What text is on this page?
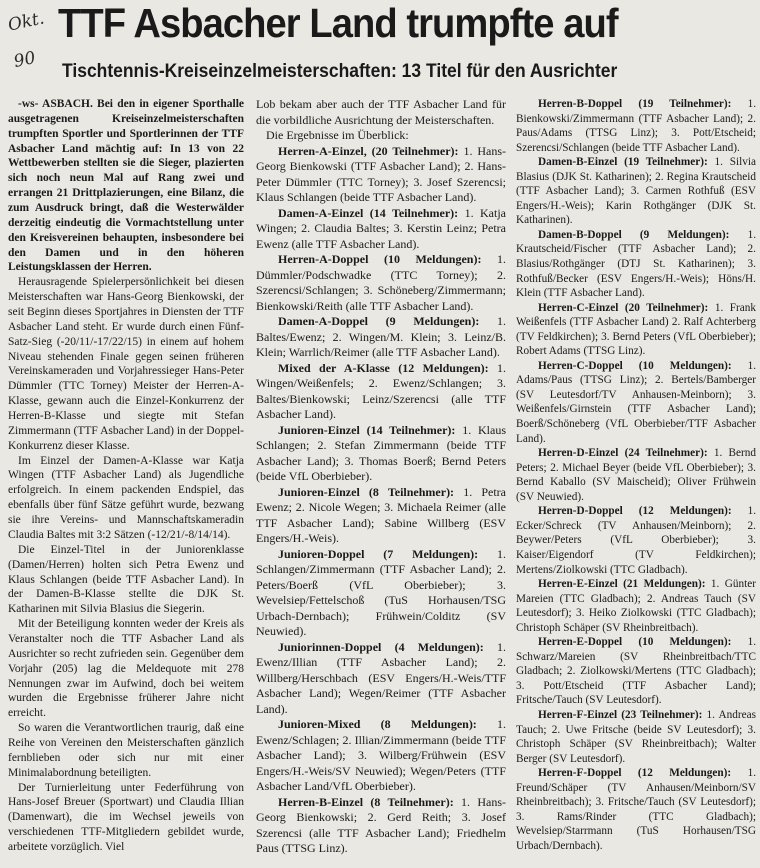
Okt.
90
TTF Asbacher Land trumpfte auf
Tischtennis-Kreiseinzelmeisterschaften: 13 Titel für den Ausrichter

-ws- ASBACH. Bei den in eigener Sporthalle ausgetragenen Kreiseinzelmeisterschaften trumpften Sportler und Sportlerinnen der TTF Asbacher Land mächtig auf: In 13 von 22 Wettbewerben stellten sie die Sieger, plazierten sich noch neun Mal auf Rang zwei und errangen 21 Drittplazierungen, eine Bilanz, die zum Ausdruck bringt, daß die Westerwälder derzeitig eindeutig die Vormachtstellung unter den Kreisvereinen behaupten, insbesondere bei den Damen und in den höheren Leistungsklassen der Herren.

Herausragende Spielerpersönlichkeit bei diesen Meisterschaften war Hans-Georg Bienkowski, der seit Beginn dieses Sportjahres in Diensten der TTF Asbacher Land steht. Er wurde durch einen Fünf-Satz-Sieg (-20/11/-17/22/15) in einem auf hohem Niveau stehenden Finale gegen seinen früheren Vereinskameraden und Vorjahressieger Hans-Peter Dümmler (TTC Torney) Meister der Herren-A-Klasse, gewann auch die Einzel-Konkurrenz der Herren-B-Klasse und siegte mit Stefan Zimmermann (TTF Asbacher Land) in der Doppel-Konkurrenz dieser Klasse.

Im Einzel der Damen-A-Klasse war Katja Wingen (TTF Asbacher Land) als Jugendliche erfolgreich. In einem packenden Endspiel, das ebenfalls über fünf Sätze geführt wurde, bezwang sie ihre Vereins- und Mannschaftskameradin Claudia Baltes mit 3:2 Sätzen (-12/21/-8/14/14).

Die Einzel-Titel in der Juniorenklasse (Damen/Herren) holten sich Petra Ewenz und Klaus Schlangen (beide TTF Asbacher Land). In der Damen-B-Klasse stellte die DJK St. Katharinen mit Silvia Blasius die Siegerin.

Mit der Beteiligung konnten weder der Kreis als Veranstalter noch die TTF Asbacher Land als Ausrichter so recht zufrieden sein. Gegenüber dem Vorjahr (205) lag die Meldequote mit 278 Nennungen zwar im Aufwind, doch bei weitem wurden die Ergebnisse früherer Jahre nicht erreicht.

So waren die Verantwortlichen traurig, daß eine Reihe von Vereinen den Meisterschaften gänzlich fernblieben oder sich nur mit einer Minimalabordnung beteiligten.

Der Turnierleitung unter Federführung von Hans-Josef Breuer (Sportwart) und Claudia Illian (Damenwart), die im Wechsel jeweils von verschiedenen TTF-Mitgliedern gebildet wurde, arbeitete vorzüglich. Viel

Lob bekam aber auch der TTF Asbacher Land für die vorbildliche Ausrichtung der Meisterschaften.

Die Ergebnisse im Überblick:

Herren-A-Einzel, (20 Teilnehmer): 1. Hans-Georg Bienkowski (TTF Asbacher Land); 2. Hans-Peter Dümmler (TTC Torney); 3. Josef Szerencsi; Klaus Schlangen (beide TTF Asbacher Land).

Damen-A-Einzel (14 Teilnehmer): 1. Katja Wingen; 2. Claudia Baltes; 3. Kerstin Leinz; Petra Ewenz (alle TTF Asbacher Land).

Herren-A-Doppel (10 Meldungen): 1. Dümmler/Podschwadke (TTC Torney); 2. Szerencsi/Schlangen; 3. Schöneberg/Zimmermann; Bienkowski/Reith (alle TTF Asbacher Land).

Damen-A-Doppel (9 Meldungen): 1. Baltes/Ewenz; 2. Wingen/M. Klein; 3. Leinz/B. Klein; Warrlich/Reimer (alle TTF Asbacher Land).

Mixed der A-Klasse (12 Meldungen): 1. Wingen/Weißenfels; 2. Ewenz/Schlangen; 3. Baltes/Bienkowski; Leinz/Szerencsi (alle TTF Asbacher Land).

Junioren-Einzel (14 Teilnehmer): 1. Klaus Schlangen; 2. Stefan Zimmermann (beide TTF Asbacher Land); 3. Thomas Boerß; Bernd Peters (beide VfL Oberbieber).

Junioren-Einzel (8 Teilnehmer): 1. Petra Ewenz; 2. Nicole Wegen; 3. Michaela Reimer (alle TTF Asbacher Land); Sabine Willberg (ESV Engers/H.-Weis).

Junioren-Doppel (7 Meldungen): 1. Schlangen/Zimmermann (TTF Asbacher Land); 2. Peters/Boerß (VfL Oberbieber); 3. Wevelsiep/Fettelschoß (TuS Horhausen/TSG Urbach-Dernbach); Frühwein/Colditz (SV Neuwied).

Juniorinnen-Doppel (4 Meldungen): 1. Ewenz/Illian (TTF Asbacher Land); 2. Willberg/Herschbach (ESV Engers/H.-Weis/TTF Asbacher Land); Wegen/Reimer (TTF Asbacher Land).

Junioren-Mixed (8 Meldungen): 1. Ewenz/Schlagen; 2. Illian/Zimmermann (beide TTF Asbacher Land); 3. Wilberg/Frühwein (ESV Engers/H.-Weis/SV Neuwied); Wegen/Peters (TTF Asbacher Land/VfL Oberbieber).

Herren-B-Einzel (8 Teilnehmer): 1. Hans-Georg Bienkowski; 2. Gerd Reith; 3. Josef Szerencsi (alle TTF Asbacher Land); Friedhelm Paus (TTSG Linz).

Herren-B-Doppel (19 Teilnehmer): 1. Bienkowski/Zimmermann (TTF Asbacher Land); 2. Paus/Adams (TTSG Linz); 3. Pott/Etscheid; Szerencsi/Schlangen (beide TTF Asbacher Land).

Damen-B-Einzel (19 Teilnehmer): 1. Silvia Blasius (DJK St. Katharinen); 2. Regina Krautscheid (TTF Asbacher Land); 3. Carmen Rothfuß (ESV Engers/H.-Weis); Karin Rothgänger (DJK St. Katharinen).

Damen-B-Doppel (9 Meldungen): 1. Krautscheid/Fischer (TTF Asbacher Land); 2. Blasius/Rothgänger (DTJ St. Katharinen); 3. Rothfuß/Becker (ESV Engers/H.-Weis); Höns/H. Klein (TTF Asbacher Land).

Herren-C-Einzel (20 Teilnehmer): 1. Frank Weißenfels (TTF Asbacher Land) 2. Ralf Achterberg (TV Feldkirchen); 3. Bernd Peters (VfL Oberbieber); Robert Adams (TTSG Linz).

Herren-C-Doppel (10 Meldungen): 1. Adams/Paus (TTSG Linz); 2. Bertels/Bamberger (SV Leutesdorf/TV Anhausen-Meinborn); 3. Weißenfels/Girnstein (TTF Asbacher Land); Boerß/Schöneberg (VfL Oberbieber/TTF Asbacher Land).

Herren-D-Einzel (24 Teilnehmer): 1. Bernd Peters; 2. Michael Beyer (beide VfL Oberbieber); 3. Bernd Kaballo (SV Maischeid); Oliver Frühwein (SV Neuwied).

Herren-D-Doppel (12 Meldungen): 1. Ecker/Schreck (TV Anhausen/Meinborn); 2. Beywer/Peters (VfL Oberbieber); 3. Kaiser/Eigendorf (TV Feldkirchen); Mertens/Ziolkowski (TTC Gladbach).

Herren-E-Einzel (21 Meldungen): 1. Günter Mareien (TTC Gladbach); 2. Andreas Tauch (SV Leutesdorf); 3. Heiko Ziolkowski (TTC Gladbach); Christoph Schäper (SV Rheinbreitbach).

Herren-E-Doppel (10 Meldungen): 1. Schwarz/Mareien (SV Rheinbreitbach/TTC Gladbach; 2. Ziolkowski/Mertens (TTC Gladbach); 3. Pott/Etscheid (TTF Asbacher Land); Fritsche/Tauch (SV Leutesdorf).

Herren-F-Einzel (23 Teilnehmer): 1. Andreas Tauch; 2. Uwe Fritsche (beide SV Leutesdorf); 3. Christoph Schäper (SV Rheinbreitbach); Walter Berger (SV Leutesdorf).

Herren-F-Doppel (12 Meldungen): 1. Freund/Schäper (TV Anhausen/Meinborn/SV Rheinbreitbach); 3. Fritsche/Tauch (SV Leutesdorf); 3. Rams/Rinder (TTC Gladbach); Wevelsiep/Starrmann (TuS Horhausen/TSG Urbach/Dernbach).
